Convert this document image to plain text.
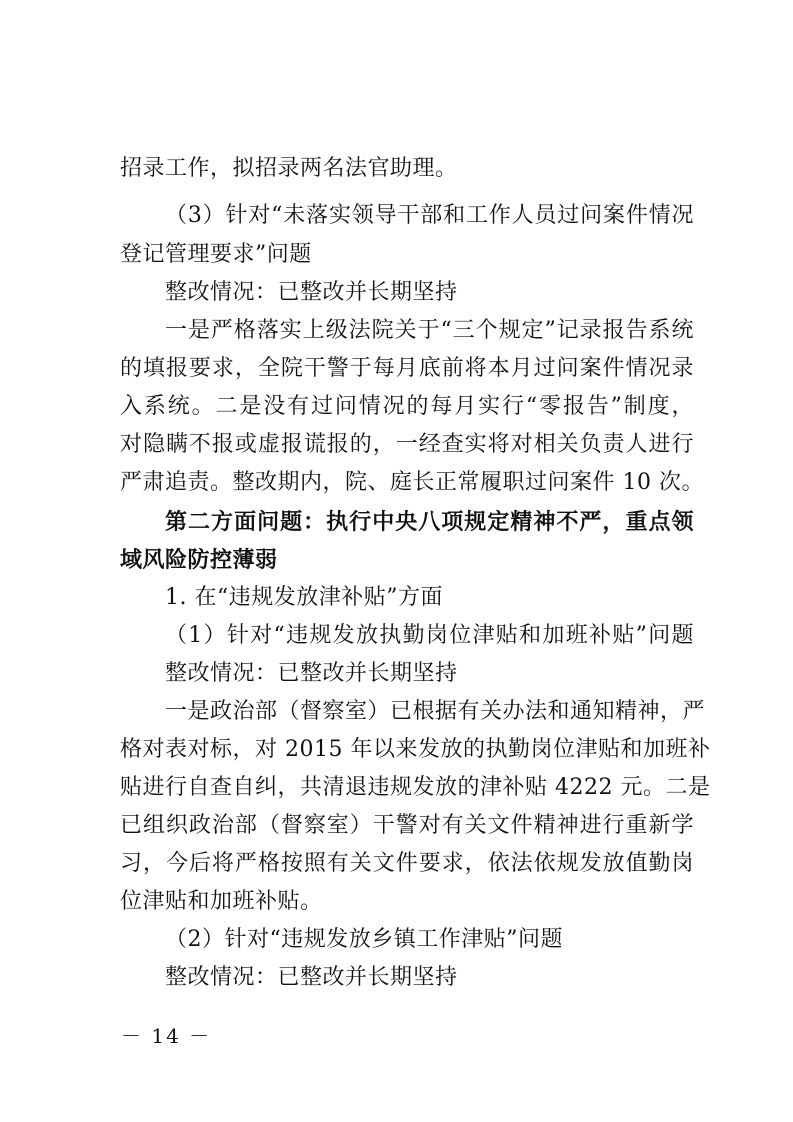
招录工作，拟招录两名法官助理。
（3）针对“未落实领导干部和工作人员过问案件情况
登记管理要求”问题
整改情况：已整改并长期坚持
一是严格落实上级法院关于“三个规定”记录报告系统
的填报要求，全院干警于每月底前将本月过问案件情况录
入系统。二是没有过问情况的每月实行“零报告”制度，
对隐瞒不报或虚报谎报的，一经查实将对相关负责人进行
严肃追责。整改期内，院、庭长正常履职过问案件 10 次。
第二方面问题：执行中央八项规定精神不严，重点领
域风险防控薄弱
1. 在“违规发放津补贴”方面
（1）针对“违规发放执勤岗位津贴和加班补贴”问题
整改情况：已整改并长期坚持
一是政治部（督察室）已根据有关办法和通知精神，严
格对表对标，对 2015 年以来发放的执勤岗位津贴和加班补
贴进行自查自纠，共清退违规发放的津补贴 4222 元。二是
已组织政治部（督察室）干警对有关文件精神进行重新学
习，今后将严格按照有关文件要求，依法依规发放值勤岗
位津贴和加班补贴。
（2）针对“违规发放乡镇工作津贴”问题
整改情况：已整改并长期坚持
－ 14 －
